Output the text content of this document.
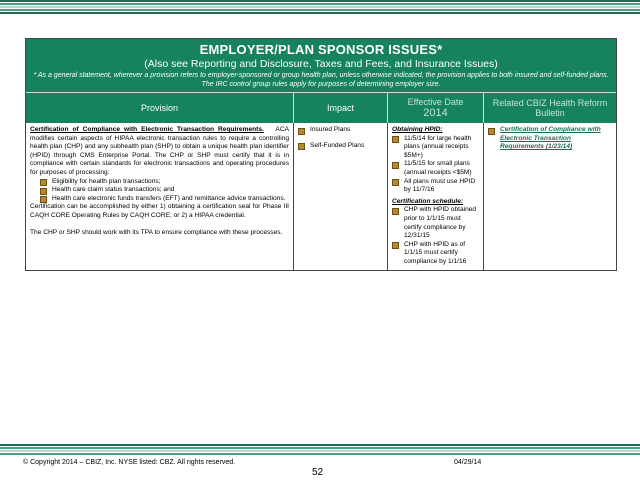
EMPLOYER/PLAN SPONSOR ISSUES*
(Also see Reporting and Disclosure, Taxes and Fees, and Insurance Issues)
* As a general statement, wherever a provision refers to employer-sponsored or group health plan, unless otherwise indicated, the provision applies to both insured and self-funded plans. The IRC control group rules apply for purposes of determining employer size.
Provision	Impact
Effective Date
2014
Related CBIZ Health Reform Bulletin
Certification of Compliance with Electronic Transaction Requirements. ACA modifies certain aspects of HIPAA electronic transaction rules to require a controlling health plan (CHP) and any subhealth plan (SHP) to obtain a unique health plan identifier (HPID) through CMS Enterprise Portal. The CHP or SHP must certify that it is in compliance with certain standards for electronic transactions and operating procedures for purposes of processing:
Eligibility for health plan transactions;
Health care claim status transactions; and
Health care electronic funds transfers (EFT) and remittance advice transactions.
Certification can be accomplished by either 1) obtaining a certification seal for Phase III CAQH CORE Operating Rules by CAQH CORE; or 2) a HIPAA credential.
The CHP or SHP should work with its TPA to ensure compliance with these processes.
Insured Plans
Self-Funded Plans
Obtaining HPID:
11/5/14 for large health plans (annual receipts $5M+)
11/5/15 for small plans (annual receipts <$5M)
All plans must use HPID by 11/7/16
Certification schedule:
CHP with HPID obtained prior to 1/1/15 must certify compliance by 12/31/15
CHP with HPID as of 1/1/15 must certify compliance by 1/1/16
Certification of Compliance with Electronic Transaction Requirements (1/23/14)
© Copyright 2014 – CBIZ, Inc. NYSE listed: CBZ. All rights reserved.	04/29/14
52
